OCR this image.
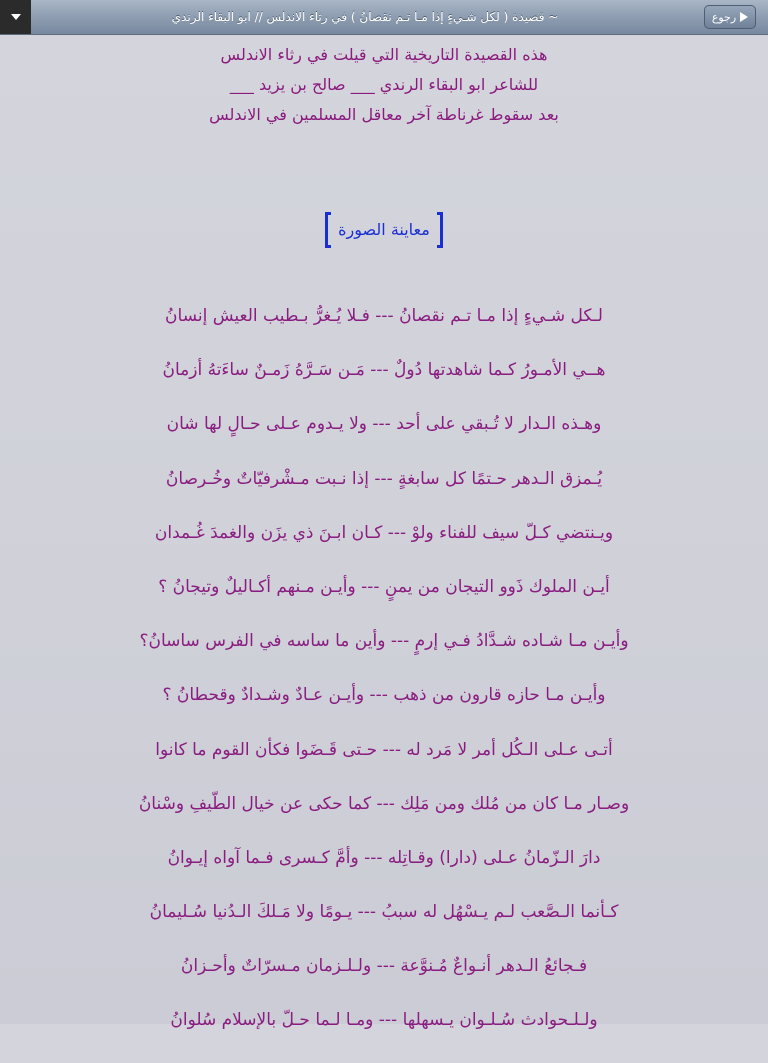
قصيدة ( لكل شـيءٍ إذا مـا تـم نقصانُ ) في رثاء الاندلس // ابو البقاء الرندي ~	رجوع
هذه القصيدة التاريخية التي قيلت في رثاء الاندلس
للشاعر ابو البقاء الرندي ___ صالح بن يزيد ___
بعد سقوط غرناطة آخر معاقل المسلمين في الاندلس
معاينة الصورة
لـكل شـيءٍ إذا مـا تـم نقصانُ --- فـلا يُـغرُّ بـطيب العيش إنسانُ
هــي الأمـورُ كـما شاهدتها دُولٌ --- مَـن سَـرَّهُ زَمـنٌ ساءَتهُ أزمانُ
وهـذه الـدار لا تُـبقي على أحد --- ولا يـدوم عـلى حـالٍ لها شان
يُـمزق الـدهر حـتمًا كل سابغةٍ --- إذا نـبت مـشْرفيّاتٌ وخُـرصانُ
ويـنتضي كـلّ سيف للفناء ولوْ --- كـان ابـنَ ذي يزَن والغمدَ غُـمدان
أيـن الملوك ذَوو التيجان من يمنٍ --- وأيـن مـنهم أكـاليلٌ وتيجانُ ؟
وأيـن مـا شـاده شـدَّادُ فـي إرمٍ --- وأين ما ساسه في الفرس ساسانُ؟
وأيـن مـا حازه قارون من ذهب --- وأيـن عـادٌ وشـدادٌ وقحطانُ ؟
أتـى عـلى الـكُل أمر لا مَرد له --- حـتى قَـضَوا فكأن القوم ما كانوا
وصـار مـا كان من مُلك ومن مَلِك --- كما حكى عن خيال الطّيفِ وسْنانُ
دارَ الـزّمانُ عـلى (دارا) وقـاتِله --- وأمَّ كـسرى فـما آواه إيـوانُ
كـأنما الـصَّعب لـم يـسْهُل له سببُ --- يـومًا ولا مَـلكَ الـدُنيا سُـليمانُ
فـجائعُ الـدهر أنـواعٌ مُـنوَّعة --- ولـلـزمان مـسرّاتٌ وأحـزانُ
ولـلـحوادث سُـلـوان يـسهلها --- ومـا لـما حـلّ بالإسلام سُلوانُ
